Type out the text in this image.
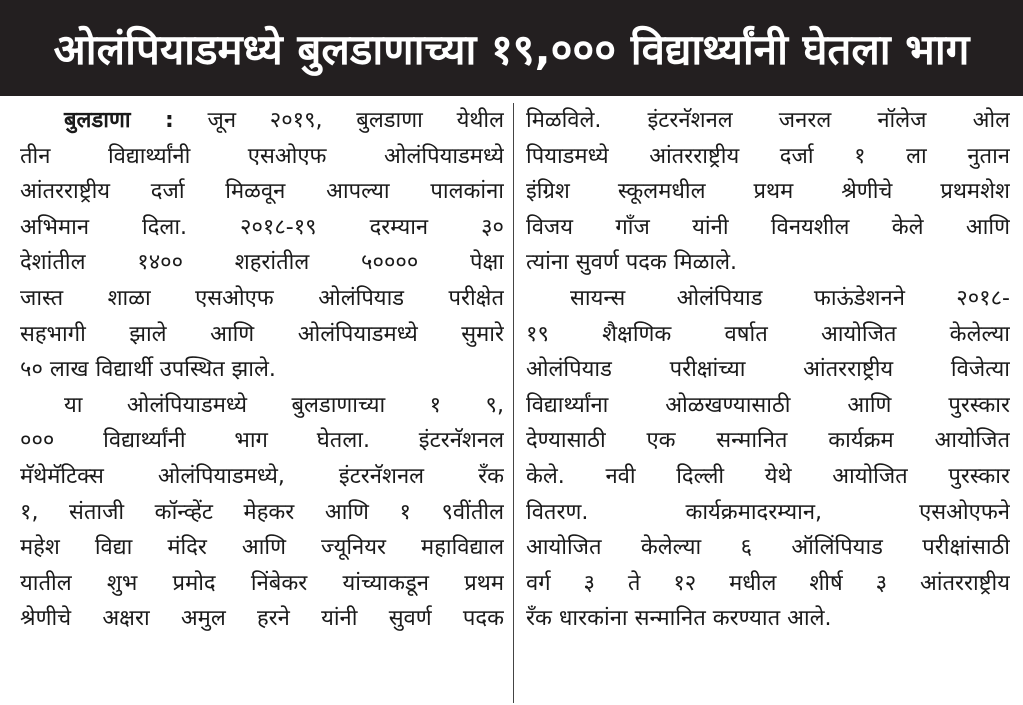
ओलंपियाडमध्ये बुलडाणाच्या १९,००० विद्यार्थ्यांनी घेतला भाग
बुलडाणा : जून २०१९, बुलडाणा येथील
तीन विद्यार्थ्यांनी एसओएफ ओलंपियाडमध्ये
आंतरराष्ट्रीय दर्जा मिळवून आपल्या पालकांना
अभिमान दिला. २०१८-१९ दरम्यान ३०
देशांतील १४०० शहरांतील ५०००० पेक्षा
जास्त शाळा एसओएफ ओलंपियाड परीक्षेत
सहभागी झाले आणि ओलंपियाडमध्ये सुमारे
५० लाख विद्यार्थी उपस्थित झाले.
या ओलंपियाडमध्ये बुलडाणाच्या १ ९,
००० विद्यार्थ्यांनी भाग घेतला. इंटरनॅशनल
मॅथेमॅटिक्स ओलंपियाडमध्ये, इंटरनॅशनल रँक
१, संताजी कॉन्व्हेंट मेहकर आणि १ ९वींतील
महेश विद्या मंदिर आणि ज्यूनियर महाविद्याल
यातील शुभ प्रमोद निंबेकर यांच्याकडून प्रथम
श्रेणीचे अक्षरा अमुल हरने यांनी सुवर्ण पदक
मिळविले. इंटरनॅशनल जनरल नॉलेज ओल
पियाडमध्ये आंतरराष्ट्रीय दर्जा १ ला नुतान
इंग्रिश स्कूलमधील प्रथम श्रेणीचे प्रथमशेश
विजय गॉंज यांनी विनयशील केले आणि
त्यांना सुवर्ण पदक मिळाले.
सायन्स ओलंपियाड फाऊंडेशनने २०१८-
१९ शैक्षणिक वर्षात आयोजित केलेल्या
ओलंपियाड परीक्षांच्या आंतरराष्ट्रीय विजेत्या
विद्यार्थ्यांना ओळखण्यासाठी आणि पुरस्कार
देण्यासाठी एक सन्मानित कार्यक्रम आयोजित
केले. नवी दिल्ली येथे आयोजित पुरस्कार
वितरण. कार्यक्रमादरम्यान, एसओएफने
आयोजित केलेल्या ६ ऑलिंपियाड परीक्षांसाठी
वर्ग ३ ते १२ मधील शीर्ष ३ आंतरराष्ट्रीय
रँक धारकांना सन्मानित करण्यात आले.
